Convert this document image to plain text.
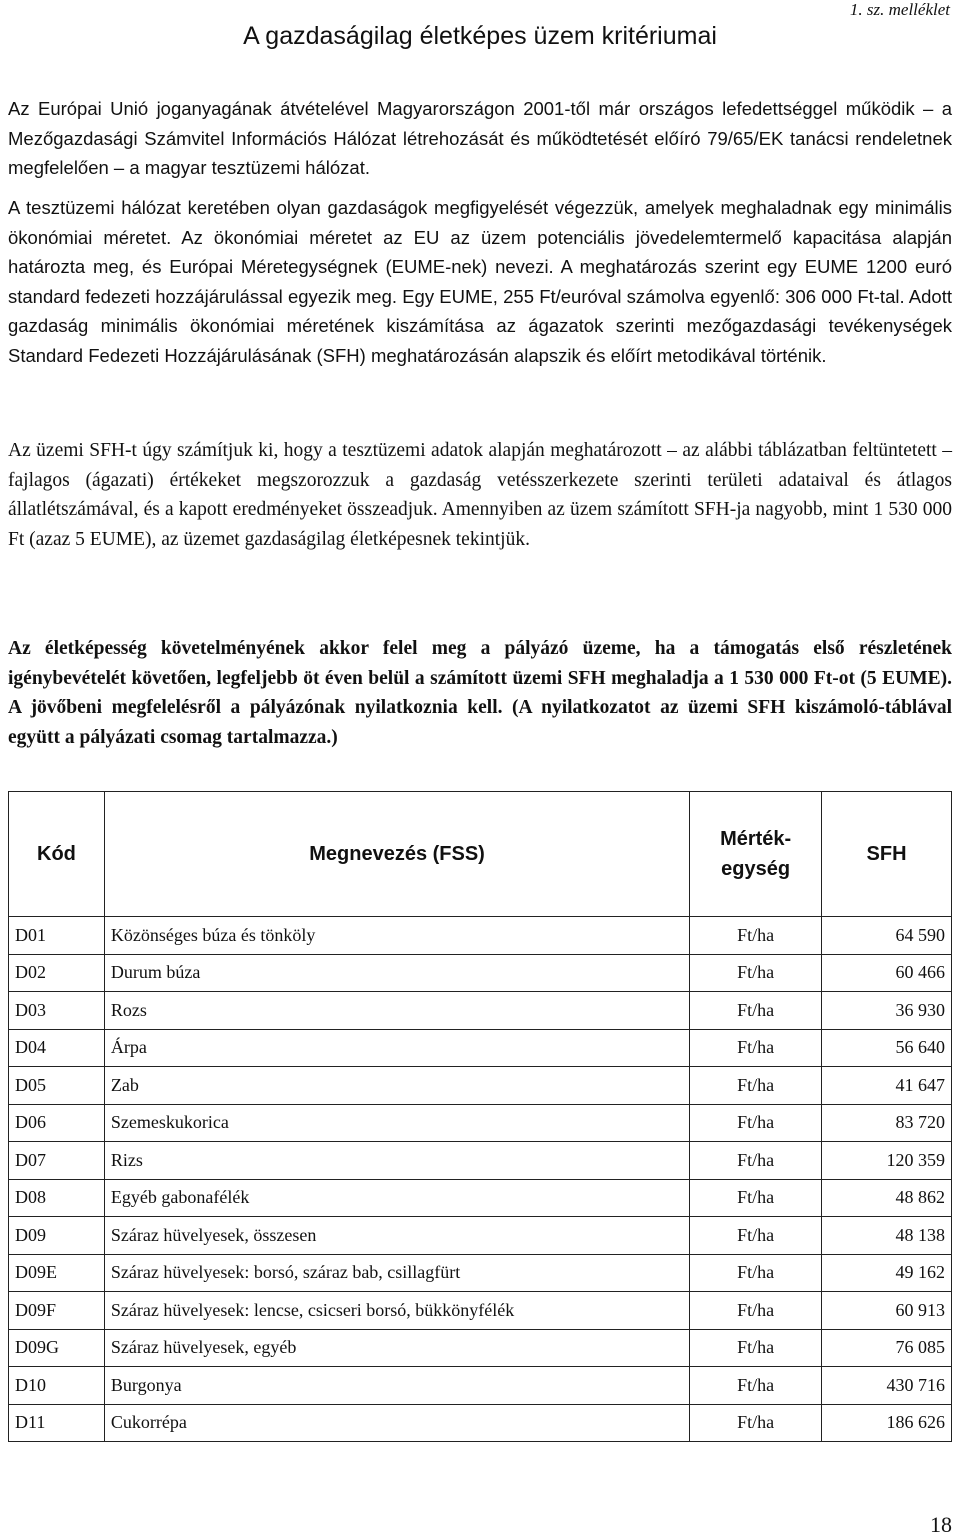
1. sz. melléklet
A gazdaságilag életképes üzem kritériumai

Az Európai Unió joganyagának átvételével Magyarországon 2001-től már országos lefedettséggel működik – a Mezőgazdasági Számvitel Információs Hálózat létrehozását és működtetését előíró 79/65/EK tanácsi rendeletnek megfelelően – a magyar tesztüzemi hálózat.

A tesztüzemi hálózat keretében olyan gazdaságok megfigyelését végezzük, amelyek meghaladnak egy minimális ökonómiai méretet. Az ökonómiai méretet az EU az üzem potenciális jövedelemtermelő kapacitása alapján határozta meg, és Európai Méretegységnek (EUME-nek) nevezi. A meghatározás szerint egy EUME 1200 euró standard fedezeti hozzájárulással egyezik meg. Egy EUME, 255 Ft/euróval számolva egyenlő: 306 000 Ft-tal. Adott gazdaság minimális ökonómiai méretének kiszámítása az ágazatok szerinti mezőgazdasági tevékenységek Standard Fedezeti Hozzájárulásának (SFH) meghatározásán alapszik és előírt metodikával történik.

Az üzemi SFH-t úgy számítjuk ki, hogy a tesztüzemi adatok alapján meghatározott – az alábbi táblázatban feltüntetett – fajlagos (ágazati) értékeket megszorozzuk a gazdaság vetésszerkezete szerinti területi adataival és átlagos állatlétszámával, és a kapott eredményeket összeadjuk. Amennyiben az üzem számított SFH-ja nagyobb, mint 1 530 000 Ft (azaz 5 EUME), az üzemet gazdaságilag életképesnek tekintjük.

Az életképesség követelményének akkor felel meg a pályázó üzeme, ha a támogatás első részletének igénybevételét követően, legfeljebb öt éven belül a számított üzemi SFH meghaladja a 1 530 000 Ft-ot (5 EUME). A jövőbeni megfelelésről a pályázónak nyilatkoznia kell. (A nyilatkozatot az üzemi SFH kiszámoló-táblával együtt a pályázati csomag tartalmazza.)

Kód	Megnevezés (FSS)	Mérték-egység	SFH
D01	Közönséges búza és tönköly	Ft/ha	64 590
D02	Durum búza	Ft/ha	60 466
D03	Rozs	Ft/ha	36 930
D04	Árpa	Ft/ha	56 640
D05	Zab	Ft/ha	41 647
D06	Szemeskukorica	Ft/ha	83 720
D07	Rizs	Ft/ha	120 359
D08	Egyéb gabonafélék	Ft/ha	48 862
D09	Száraz hüvelyesek, összesen	Ft/ha	48 138
D09E	Száraz hüvelyesek: borsó, száraz bab, csillagfürt	Ft/ha	49 162
D09F	Száraz hüvelyesek: lencse, csicseri borsó, bükkönyfélék	Ft/ha	60 913
D09G	Száraz hüvelyesek, egyéb	Ft/ha	76 085
D10	Burgonya	Ft/ha	430 716
D11	Cukorrépa	Ft/ha	186 626
18
